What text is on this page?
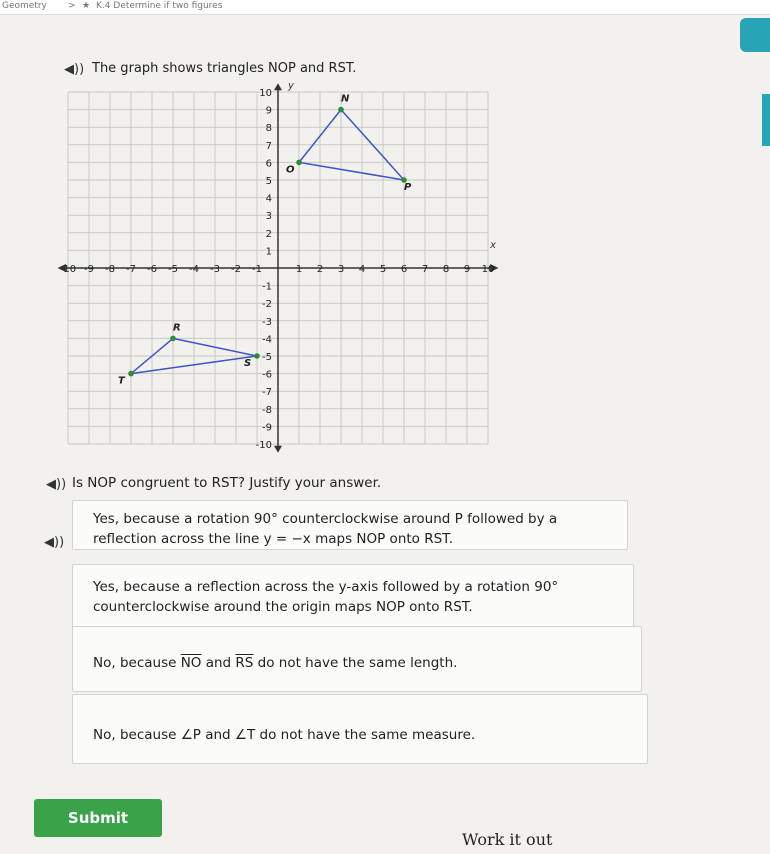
Geometry > ★ K.4 Determine if two figures
◀)) The graph shows triangles NOP and RST.
x
y
-10 -9 -8 -7 -6 -5 -4 -3 -2 -1	1 2 3 4 5 6 7 8 9 10
10
9
8
7
6
5
4
3
2
1
-1
-2
-3
-4
-5
-6
-7
-8
-9
-10
N
O
P
R
S
T
◀)) Is NOP congruent to RST? Justify your answer.
◀))
Yes, because a rotation 90° counterclockwise around P followed by a
reflection across the line y = −x maps NOP onto RST.
Yes, because a reflection across the y-axis followed by a rotation 90°
counterclockwise around the origin maps NOP onto RST.
No, because $\overline{NO}$ and $\overline{RS}$ do not have the same length.
No, because ∠P and ∠T do not have the same measure.
Submit
Work it out
